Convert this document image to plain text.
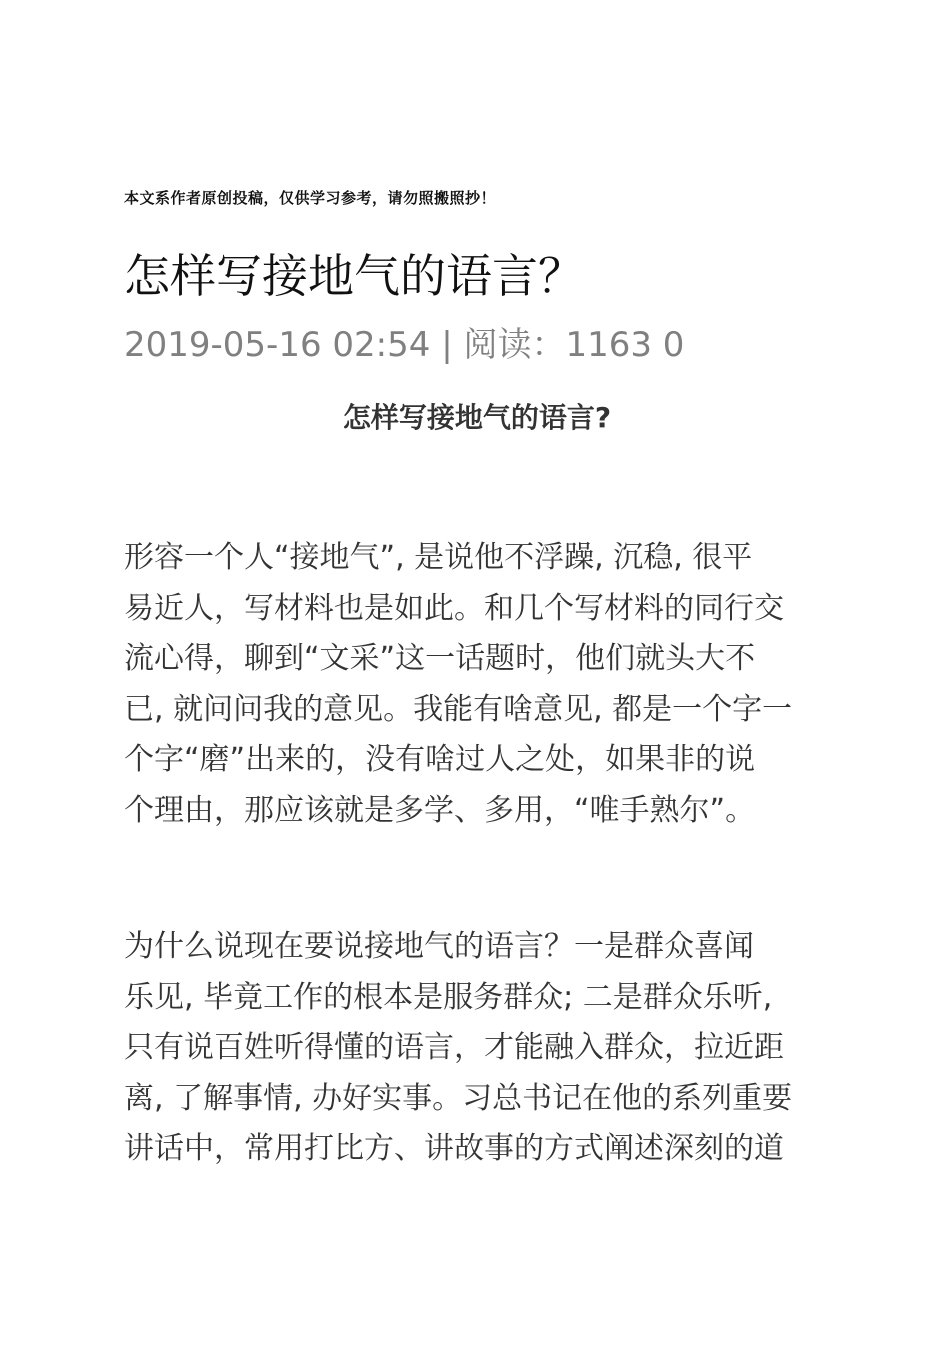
本文系作者原创投稿，仅供学习参考，请勿照搬照抄！
怎样写接地气的语言？
2019-05-16 02:54 | 阅读：1163 0
怎样写接地气的语言?

形容一个人“接地气”, 是说他不浮躁, 沉稳, 很平
易近人，写材料也是如此。和几个写材料的同行交
流心得，聊到“文采”这一话题时，他们就头大不
已, 就问问我的意见。我能有啥意见, 都是一个字一
个字“磨”出来的，没有啥过人之处，如果非的说
个理由，那应该就是多学、多用，“唯手熟尔”。

为什么说现在要说接地气的语言？一是群众喜闻
乐见, 毕竟工作的根本是服务群众; 二是群众乐听,
只有说百姓听得懂的语言，才能融入群众，拉近距
离, 了解事情, 办好实事。习总书记在他的系列重要
讲话中，常用打比方、讲故事的方式阐述深刻的道
